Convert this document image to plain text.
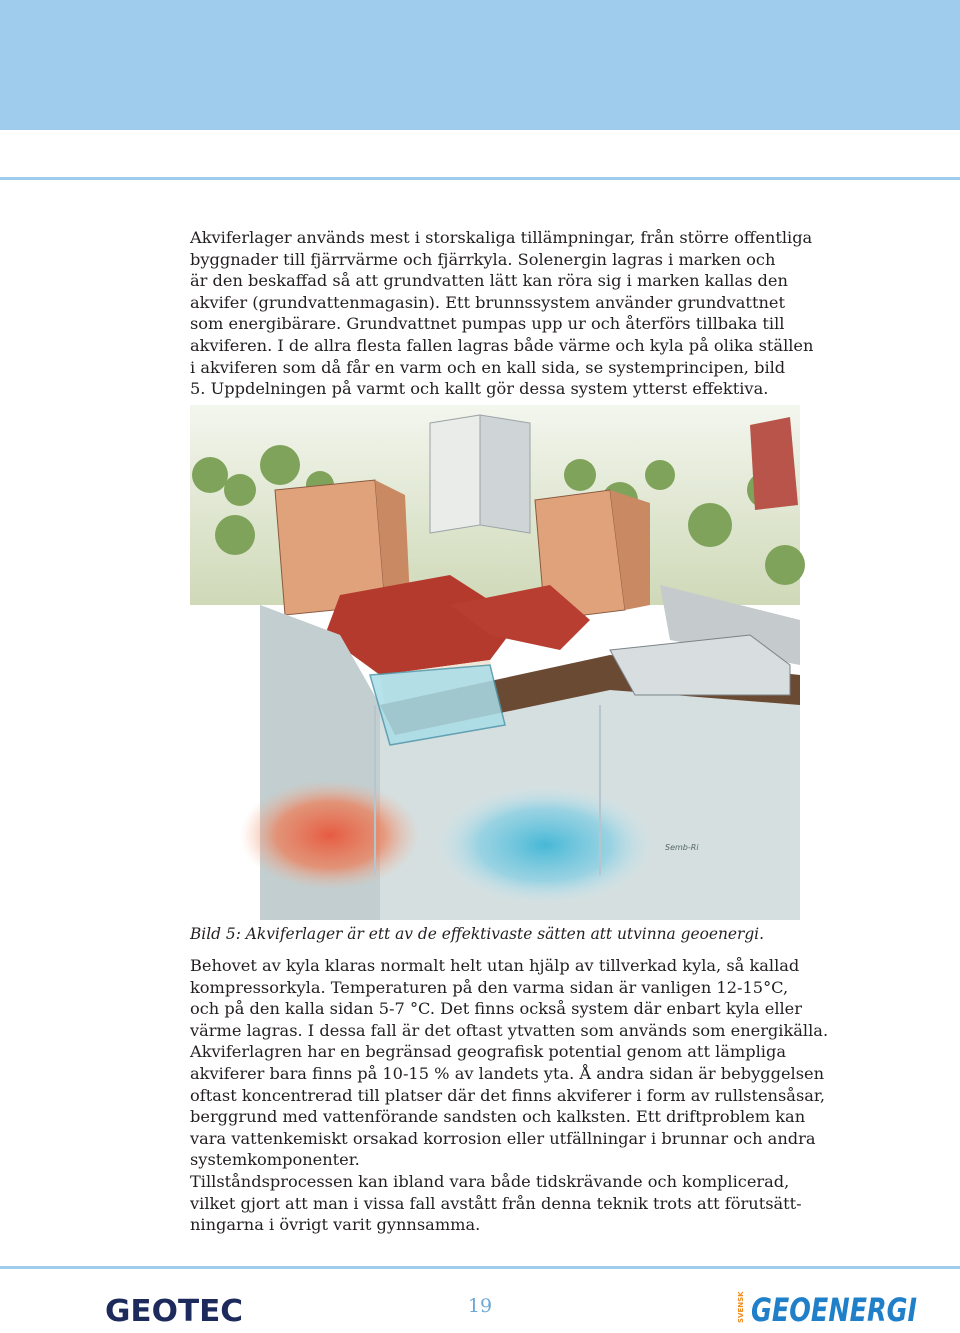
Akviferlager används mest i storskaliga tillämpningar, från större offentliga

byggnader till fjärrvärme och fjärrkyla. Solenergin lagras i marken och

är den beskaffad så att grundvatten lätt kan röra sig i marken kallas den

akvifer (grundvattenmagasin). Ett brunnssystem använder grundvattnet

som energibärare. Grundvattnet pumpas upp ur och återförs tillbaka till

akviferen. I de allra flesta fallen lagras både värme och kyla på olika ställen

i akviferen som då får en varm och en kall sida, se systemprincipen, bild

5. Uppdelningen på varmt och kallt gör dessa system ytterst effektiva.

Semb-Ri
Bild 5: Akviferlager är ett av de effektivaste sätten att utvinna geoenergi.

Behovet av kyla klaras normalt helt utan hjälp av tillverkad kyla, så kallad

kompressorkyla. Temperaturen på den varma sidan är vanligen 12-15°C,

och på den kalla sidan 5-7 °C. Det finns också system där enbart kyla eller

värme lagras. I dessa fall är det oftast ytvatten som används som energikälla.

Akviferlagren har en begränsad geografisk potential genom att lämpliga

akviferer bara finns på 10-15 % av landets yta. Å andra sidan är bebyggelsen

oftast koncentrerad till platser där det finns akviferer i form av rullstensåsar,

berggrund med vattenförande sandsten och kalksten. Ett driftproblem kan

vara vattenkemiskt orsakad korrosion eller utfällningar i brunnar och andra

systemkomponenter.

Tillståndsprocessen kan ibland vara både tidskrävande och komplicerad,

vilket gjort att man i vissa fall avstått från denna teknik trots att förutsätt-

ningarna i övrigt varit gynnsamma.

GEOTEC	19	SVENSK GEOENERGI
